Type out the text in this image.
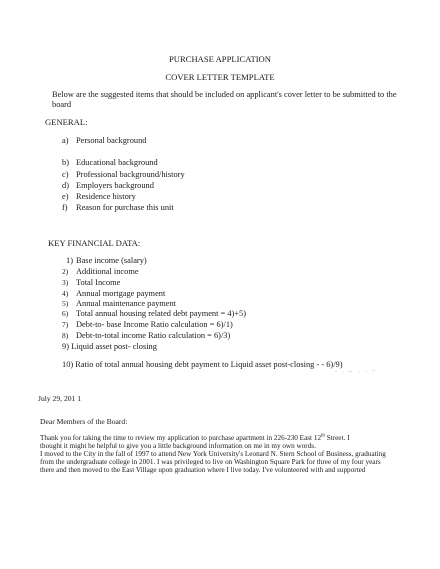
PURCHASE APPLICATION
COVER LETTER TEMPLATE
Below are the suggested items that should be included on applicant's cover letter to be submitted to the
board
GENERAL:
a) Personal background
b) Educational background
c) Professional background/history
d) Employers background
e) Residence history
f) Reason for purchase this unit
KEY FINANCIAL DATA:
1) Base income (salary)
2) Additional income
3) Total Income
4) Annual mortgage payment
5) Annual maintenance payment
6) Total annual housing related debt payment = 4)+5)
7) Debt-to- base Income Ratio calculation = 6)/1)
8) Debt-to-total income Ratio calculation = 6)/3)
9) Liquid asset post- closing
10) Ratio of total annual housing debt payment to Liquid asset post-closing - - 6)/9)
July 29, 201 1
Dear Members of the Board:
Thank you for taking the time to review my application to purchase apartment in 226-230 East 12th Street. I
thought it might be helpful to give you a little background information on me in my own words.
I moved to the City in the fall of 1997 to attend New York University's Leonard N. Stern School of Business, graduating
from the undergraduate college in 2001. I was privileged to live on Washington Square Park for three of my four years
there and then moved to the East Village upon graduation where I live today. I've volunteered with and supported
